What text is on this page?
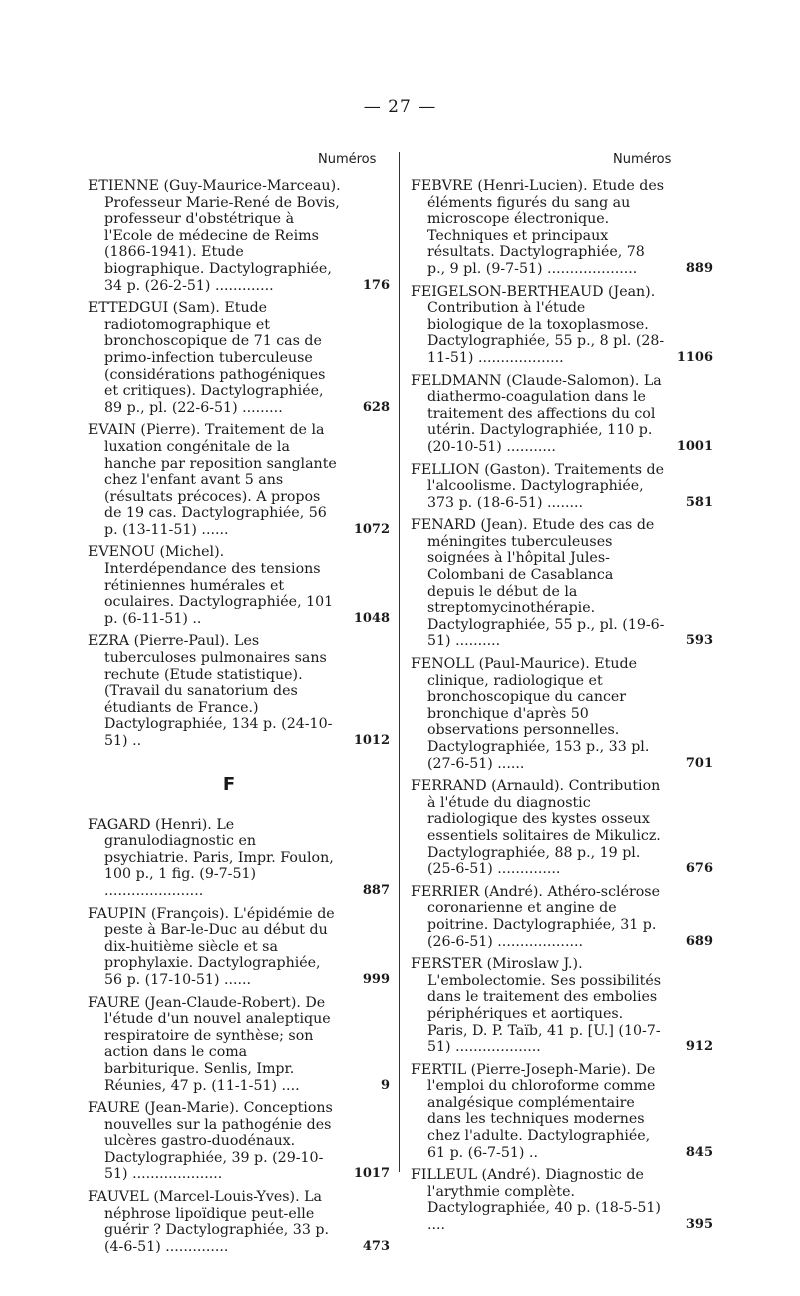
— 27 —
Numéros	Numéros
ETIENNE (Guy-Maurice-Marceau). Professeur Marie-René de Bovis, professeur d'obstétrique à l'Ecole de médecine de Reims (1866-1941). Etude biographique. Dactylographiée, 34 p. (26-2-51) .............	176
ETTEDGUI (Sam). Etude radiotomographique et bronchoscopique de 71 cas de primo-infection tuberculeuse (considérations pathogéniques et critiques). Dactylographiée, 89 p., pl. (22-6-51) .........	628
EVAIN (Pierre). Traitement de la luxation congénitale de la hanche par reposition sanglante chez l'enfant avant 5 ans (résultats précoces). A propos de 19 cas. Dactylographiée, 56 p. (13-11-51) ......	1072
EVENOU (Michel). Interdépendance des tensions rétiniennes humérales et oculaires. Dactylographiée, 101 p. (6-11-51) ..	1048
EZRA (Pierre-Paul). Les tuberculoses pulmonaires sans rechute (Etude statistique). (Travail du sanatorium des étudiants de France.) Dactylographiée, 134 p. (24-10-51) ..	1012
F
FAGARD (Henri). Le granulodiagnostic en psychiatrie. Paris, Impr. Foulon, 100 p., 1 fig. (9-7-51) ......................	887
FAUPIN (François). L'épidémie de peste à Bar-le-Duc au début du dix-huitième siècle et sa prophylaxie. Dactylographiée, 56 p. (17-10-51) ......	999
FAURE (Jean-Claude-Robert). De l'étude d'un nouvel analeptique respiratoire de synthèse; son action dans le coma barbiturique. Senlis, Impr. Réunies, 47 p. (11-1-51) ....	9
FAURE (Jean-Marie). Conceptions nouvelles sur la pathogénie des ulcères gastro-duodénaux. Dactylographiée, 39 p. (29-10-51) ....................	1017
FAUVEL (Marcel-Louis-Yves). La néphrose lipoïdique peut-elle guérir ? Dactylographiée, 33 p. (4-6-51) ..............	473
FEBVRE (Henri-Lucien). Etude des éléments figurés du sang au microscope électronique. Techniques et principaux résultats. Dactylographiée, 78 p., 9 pl. (9-7-51) ....................	889
FEIGELSON-BERTHEAUD (Jean). Contribution à l'étude biologique de la toxoplasmose. Dactylographiée, 55 p., 8 pl. (28-11-51) ...................	1106
FELDMANN (Claude-Salomon). La diathermo-coagulation dans le traitement des affections du col utérin. Dactylographiée, 110 p. (20-10-51) ...........	1001
FELLION (Gaston). Traitements de l'alcoolisme. Dactylographiée, 373 p. (18-6-51) ........	581
FENARD (Jean). Etude des cas de méningites tuberculeuses soignées à l'hôpital Jules-Colombani de Casablanca depuis le début de la streptomycinothérapie. Dactylographiée, 55 p., pl. (19-6-51) ..........	593
FENOLL (Paul-Maurice). Etude clinique, radiologique et bronchoscopique du cancer bronchique d'après 50 observations personnelles. Dactylographiée, 153 p., 33 pl. (27-6-51) ......	701
FERRAND (Arnauld). Contribution à l'étude du diagnostic radiologique des kystes osseux essentiels solitaires de Mikulicz. Dactylographiée, 88 p., 19 pl. (25-6-51) ..............	676
FERRIER (André). Athéro-sclérose coronarienne et angine de poitrine. Dactylographiée, 31 p. (26-6-51) ...................	689
FERSTER (Miroslaw J.). L'embolectomie. Ses possibilités dans le traitement des embolies périphériques et aortiques. Paris, D. P. Taïb, 41 p. [U.] (10-7-51) ...................	912
FERTIL (Pierre-Joseph-Marie). De l'emploi du chloroforme comme analgésique complémentaire dans les techniques modernes chez l'adulte. Dactylographiée, 61 p. (6-7-51) ..	845
FILLEUL (André). Diagnostic de l'arythmie complète. Dactylographiée, 40 p. (18-5-51) ....	395
